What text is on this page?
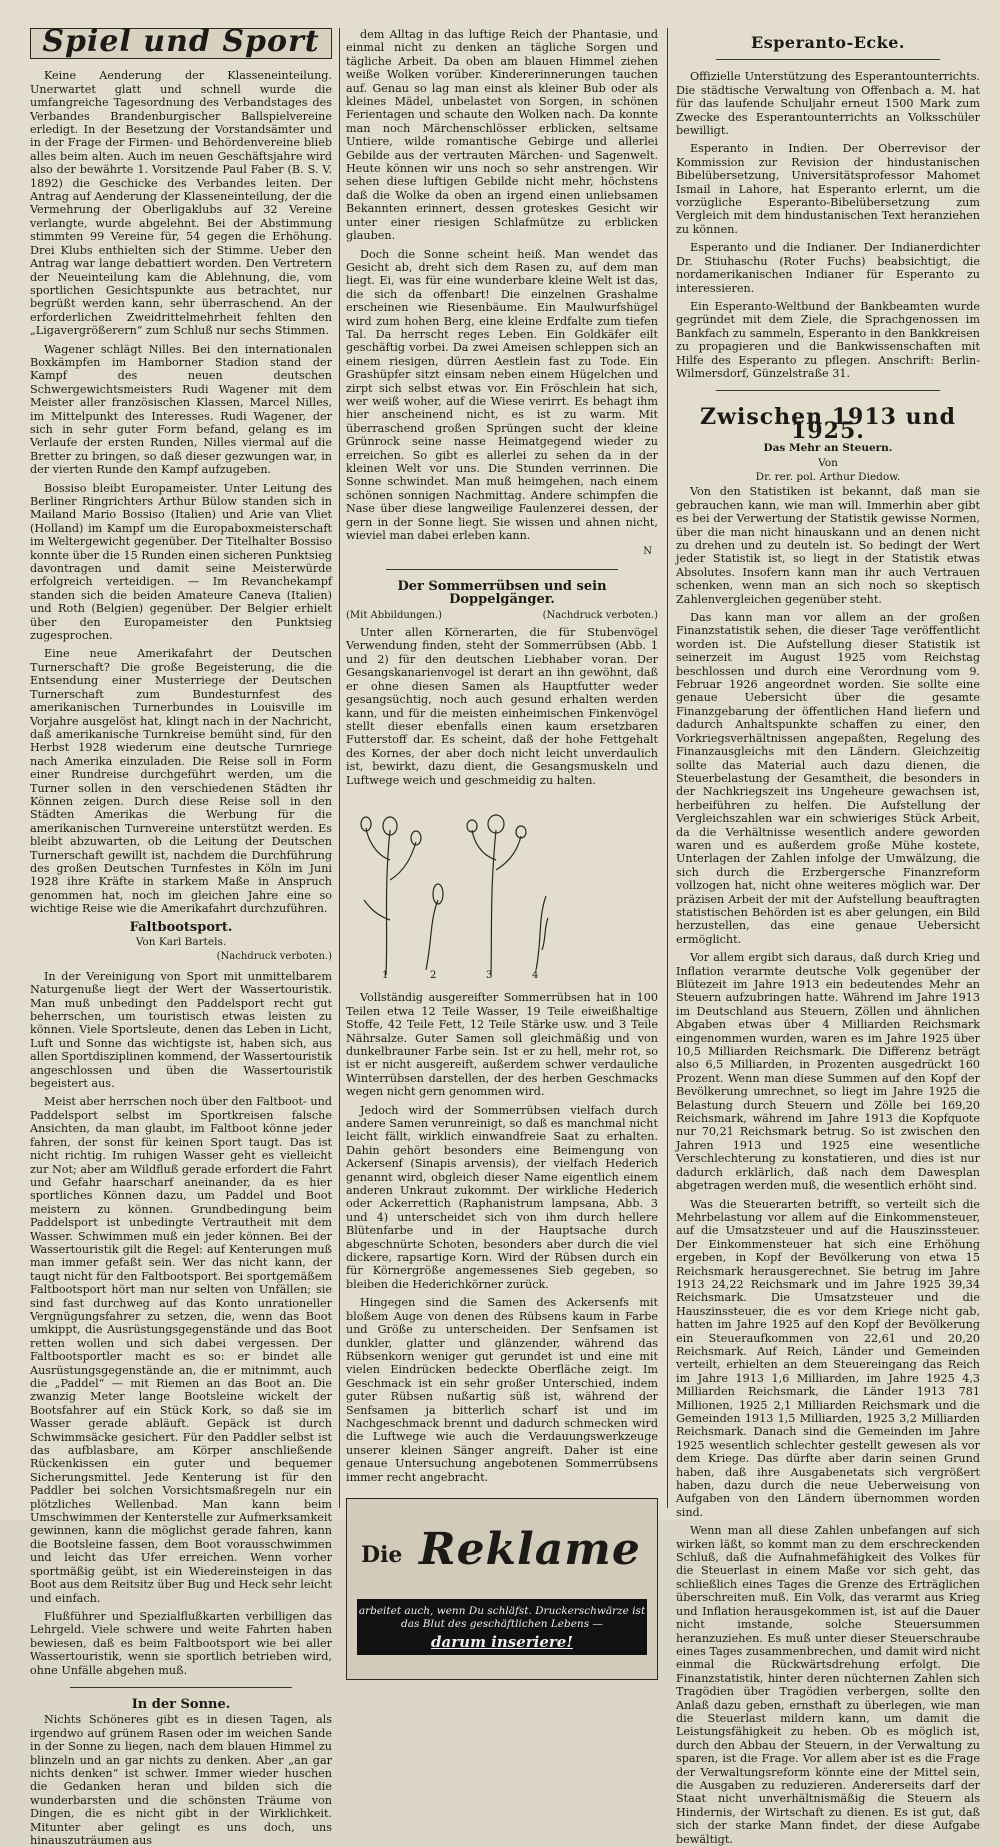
Spiel und Sport

Keine Aenderung der Klasseneinteilung. Unerwartet glatt und schnell wurde die umfangreiche Tagesordnung des Verbandstages des Verbandes Brandenburgischer Ballspielvereine erledigt. In der Besetzung der Vorstandsämter und in der Frage der Firmen- und Behördenvereine blieb alles beim alten. Auch im neuen Geschäftsjahre wird also der bewährte 1. Vorsitzende Paul Faber (B. S. V. 1892) die Geschicke des Verbandes leiten. Der Antrag auf Aenderung der Klasseneinteilung, der die Vermehrung der Oberligaklubs auf 32 Vereine verlangte, wurde abgelehnt. Bei der Abstimmung stimmten 99 Vereine für, 54 gegen die Erhöhung. Drei Klubs enthielten sich der Stimme. Ueber den Antrag war lange debattiert worden. Den Vertretern der Neueinteilung kam die Ablehnung, die, vom sportlichen Gesichtspunkte aus betrachtet, nur begrüßt werden kann, sehr überraschend. An der erforderlichen Zweidrittelmehrheit fehlten den „Ligavergrößerern“ zum Schluß nur sechs Stimmen.

Wagener schlägt Nilles. Bei den internationalen Boxkämpfen im Hamborner Stadion stand der Kampf des neuen deutschen Schwergewichtsmeisters Rudi Wagener mit dem Meister aller französischen Klassen, Marcel Nilles, im Mittelpunkt des Interesses. Rudi Wagener, der sich in sehr guter Form befand, gelang es im Verlaufe der ersten Runden, Nilles viermal auf die Bretter zu bringen, so daß dieser gezwungen war, in der vierten Runde den Kampf aufzugeben.

Bossiso bleibt Europameister. Unter Leitung des Berliner Ringrichters Arthur Bülow standen sich in Mailand Mario Bossiso (Italien) und Arie van Vliet (Holland) im Kampf um die Europaboxmeisterschaft im Weltergewicht gegenüber. Der Titelhalter Bossiso konnte über die 15 Runden einen sicheren Punktsieg davontragen und damit seine Meisterwürde erfolgreich verteidigen. — Im Revanchekampf standen sich die beiden Amateure Caneva (Italien) und Roth (Belgien) gegenüber. Der Belgier erhielt über den Europameister den Punktsieg zugesprochen.

Eine neue Amerikafahrt der Deutschen Turnerschaft? Die große Begeisterung, die die Entsendung einer Musterriege der Deutschen Turnerschaft zum Bundesturnfest des amerikanischen Turnerbundes in Louisville im Vorjahre ausgelöst hat, klingt nach in der Nachricht, daß amerikanische Turnkreise bemüht sind, für den Herbst 1928 wiederum eine deutsche Turnriege nach Amerika einzuladen. Die Reise soll in Form einer Rundreise durchgeführt werden, um die Turner sollen in den verschiedenen Städten ihr Können zeigen. Durch diese Reise soll in den Städten Amerikas die Werbung für die amerikanischen Turnvereine unterstützt werden. Es bleibt abzuwarten, ob die Leitung der Deutschen Turnerschaft gewillt ist, nachdem die Durchführung des großen Deutschen Turnfestes in Köln im Juni 1928 ihre Kräfte in starkem Maße in Anspruch genommen hat, noch im gleichen Jahre eine so wichtige Reise wie die Amerikafahrt durchzuführen.

Faltbootsport.
Von Karl Bartels.
(Nachdruck verboten.)

In der Vereinigung von Sport mit unmittelbarem Naturgenuße liegt der Wert der Wassertouristik. Man muß unbedingt den Paddelsport recht gut beherrschen, um touristisch etwas leisten zu können. Viele Sportsleute, denen das Leben in Licht, Luft und Sonne das wichtigste ist, haben sich, aus allen Sportdisziplinen kommend, der Wassertouristik angeschlossen und üben die Wassertouristik begeistert aus.

Meist aber herrschen noch über den Faltboot- und Paddelsport selbst im Sportkreisen falsche Ansichten, da man glaubt, im Faltboot könne jeder fahren, der sonst für keinen Sport taugt. Das ist nicht richtig. Im ruhigen Wasser geht es vielleicht zur Not; aber am Wildfluß gerade erfordert die Fahrt und Gefahr haarscharf aneinander, da es hier sportliches Können dazu, um Paddel und Boot meistern zu können. Grundbedingung beim Paddelsport ist unbedingte Vertrautheit mit dem Wasser. Schwimmen muß ein jeder können. Bei der Wassertouristik gilt die Regel: auf Kenterungen muß man immer gefaßt sein. Wer das nicht kann, der taugt nicht für den Faltbootsport. Bei sportgemäßem Faltbootsport hört man nur selten von Unfällen; sie sind fast durchweg auf das Konto unrationeller Vergnügungsfahrer zu setzen, die, wenn das Boot umkippt, die Ausrüstungsgegenstände und das Boot retten wollen und sich dabei vergessen. Der Faltbootsportler macht es so: er bindet alle Ausrüstungsgegenstände an, die er mitnimmt, auch die „Paddel“ — mit Riemen an das Boot an. Die zwanzig Meter lange Bootsleine wickelt der Bootsfahrer auf ein Stück Kork, so daß sie im Wasser gerade abläuft. Gepäck ist durch Schwimmsäcke gesichert. Für den Paddler selbst ist das aufblasbare, am Körper anschließende Rückenkissen ein guter und bequemer Sicherungsmittel. Jede Kenterung ist für den Paddler bei solchen Vorsichtsmaßregeln nur ein plötzliches Wellenbad. Man kann beim Umschwimmen der Kenterstelle zur Aufmerksamkeit gewinnen, kann die möglichst gerade fahren, kann die Bootsleine fassen, dem Boot vorausschwimmen und leicht das Ufer erreichen. Wenn vorher sportmäßig geübt, ist ein Wiedereinsteigen in das Boot aus dem Reitsitz über Bug und Heck sehr leicht und einfach.

Flußführer und Spezialflußkarten verbilligen das Lehrgeld. Viele schwere und weite Fahrten haben bewiesen, daß es beim Faltbootsport wie bei aller Wassertouristik, wenn sie sportlich betrieben wird, ohne Unfälle abgehen muß.

In der Sonne.

Nichts Schöneres gibt es in diesen Tagen, als irgendwo auf grünem Rasen oder im weichen Sande in der Sonne zu liegen, nach dem blauen Himmel zu blinzeln und an gar nichts zu denken. Aber „an gar nichts denken“ ist schwer. Immer wieder huschen die Gedanken heran und bilden sich die wunderbarsten und die schönsten Träume von Dingen, die es nicht gibt in der Wirklichkeit. Mitunter aber gelingt es uns doch, uns hinauszuträumen aus

dem Alltag in das luftige Reich der Phantasie, und einmal nicht zu denken an tägliche Sorgen und tägliche Arbeit. Da oben am blauen Himmel ziehen weiße Wolken vorüber. Kindererinnerungen tauchen auf. Genau so lag man einst als kleiner Bub oder als kleines Mädel, unbelastet von Sorgen, in schönen Ferientagen und schaute den Wolken nach. Da konnte man noch Märchenschlösser erblicken, seltsame Untiere, wilde romantische Gebirge und allerlei Gebilde aus der vertrauten Märchen- und Sagenwelt. Heute können wir uns noch so sehr anstrengen. Wir sehen diese luftigen Gebilde nicht mehr, höchstens daß die Wolke da oben an irgend einen unliebsamen Bekannten erinnert, dessen groteskes Gesicht wir unter einer riesigen Schlafmütze zu erblicken glauben.

Doch die Sonne scheint heiß. Man wendet das Gesicht ab, dreht sich dem Rasen zu, auf dem man liegt. Ei, was für eine wunderbare kleine Welt ist das, die sich da offenbart! Die einzelnen Grashalme erscheinen wie Riesenbäume. Ein Maulwurfshügel wird zum hohen Berg, eine kleine Erdfalte zum tiefen Tal. Da herrscht reges Leben. Ein Goldkäfer eilt geschäftig vorbei. Da zwei Ameisen schleppen sich an einem riesigen, dürren Aestlein fast zu Tode. Ein Grashüpfer sitzt einsam neben einem Hügelchen und zirpt sich selbst etwas vor. Ein Fröschlein hat sich, wer weiß woher, auf die Wiese verirrt. Es behagt ihm hier anscheinend nicht, es ist zu warm. Mit überraschend großen Sprüngen sucht der kleine Grünrock seine nasse Heimatgegend wieder zu erreichen. So gibt es allerlei zu sehen da in der kleinen Welt vor uns. Die Stunden verrinnen. Die Sonne schwindet. Man muß heimgehen, nach einem schönen sonnigen Nachmittag. Andere schimpfen die Nase über diese langweilige Faulenzerei dessen, der gern in der Sonne liegt. Sie wissen und ahnen nicht, wieviel man dabei erleben kann.

N
Der Sommerrübsen und sein Doppelgänger.
(Mit Abbildungen.)	(Nachdruck verboten.)

Unter allen Körnerarten, die für Stubenvögel Verwendung finden, steht der Sommerrübsen (Abb. 1 und 2) für den deutschen Liebhaber voran. Der Gesangskanarienvogel ist derart an ihn gewöhnt, daß er ohne diesen Samen als Hauptfutter weder gesangsüchtig, noch auch gesund erhalten werden kann, und für die meisten einheimischen Finkenvögel stellt dieser ebenfalls einen kaum ersetzbaren Futterstoff dar. Es scheint, daß der hohe Fettgehalt des Kornes, der aber doch nicht leicht unverdaulich ist, bewirkt, dazu dient, die Gesangsmuskeln und Luftwege weich und geschmeidig zu halten.

1	2	3	4

Vollständig ausgereifter Sommerrübsen hat in 100 Teilen etwa 12 Teile Wasser, 19 Teile eiweißhaltige Stoffe, 42 Teile Fett, 12 Teile Stärke usw. und 3 Teile Nährsalze. Guter Samen soll gleichmäßig und von dunkelbrauner Farbe sein. Ist er zu hell, mehr rot, so ist er nicht ausgereift, außerdem schwer verdauliche Winterrübsen darstellen, der des herben Geschmacks wegen nicht gern genommen wird.

Jedoch wird der Sommerrübsen vielfach durch andere Samen verunreinigt, so daß es manchmal nicht leicht fällt, wirklich einwandfreie Saat zu erhalten. Dahin gehört besonders eine Beimengung von Ackersenf (Sinapis arvensis), der vielfach Hederich genannt wird, obgleich dieser Name eigentlich einem anderen Unkraut zukommt. Der wirkliche Hederich oder Ackerrettich (Raphanistrum lampsana, Abb. 3 und 4) unterscheidet sich von ihm durch hellere Blütenfarbe und in der Hauptsache durch abgeschnürte Schoten, besonders aber durch die viel dickere, rapsartige Korn. Wird der Rübsen durch ein für Körnergröße angemessenes Sieb gegeben, so bleiben die Hederichkörner zurück.

Hingegen sind die Samen des Ackersenfs mit bloßem Auge von denen des Rübsens kaum in Farbe und Größe zu unterscheiden. Der Senfsamen ist dunkler, glatter und glänzender, während das Rübsenkorn weniger gut gerundet ist und eine mit vielen Eindrücken bedeckte Oberfläche zeigt. Im Geschmack ist ein sehr großer Unterschied, indem guter Rübsen nußartig süß ist, während der Senfsamen ja bitterlich scharf ist und im Nachgeschmack brennt und dadurch schmecken wird die Luftwege wie auch die Verdauungswerkzeuge unserer kleinen Sänger angreift. Daher ist eine genaue Untersuchung angebotenen Sommerrübsens immer recht angebracht.

Die Reklame
arbeitet auch, wenn Du schläfst. Druckerschwärze ist das Blut des geschäftlichen Lebens —
darum inseriere!
Esperanto-Ecke.

Offizielle Unterstützung des Esperantounterrichts. Die städtische Verwaltung von Offenbach a. M. hat für das laufende Schuljahr erneut 1500 Mark zum Zwecke des Esperantounterrichts an Volksschüler bewilligt.

Esperanto in Indien. Der Oberrevisor der Kommission zur Revision der hindustanischen Bibelübersetzung, Universitätsprofessor Mahomet Ismail in Lahore, hat Esperanto erlernt, um die vorzügliche Esperanto-Bibelübersetzung zum Vergleich mit dem hindustanischen Text heranziehen zu können.

Esperanto und die Indianer. Der Indianerdichter Dr. Stiuhaschu (Roter Fuchs) beabsichtigt, die nordamerikanischen Indianer für Esperanto zu interessieren.

Ein Esperanto-Weltbund der Bankbeamten wurde gegründet mit dem Ziele, die Sprachgenossen im Bankfach zu sammeln, Esperanto in den Bankkreisen zu propagieren und die Bankwissenschaften mit Hilfe des Esperanto zu pflegen. Anschrift: Berlin-Wilmersdorf, Günzelstraße 31.

Zwischen 1913 und 1925.
Das Mehr an Steuern.
Von
Dr. rer. pol. Arthur Diedow.

Von den Statistiken ist bekannt, daß man sie gebrauchen kann, wie man will. Immerhin aber gibt es bei der Verwertung der Statistik gewisse Normen, über die man nicht hinauskann und an denen nicht zu drehen und zu deuteln ist. So bedingt der Wert jeder Statistik ist, so liegt in der Statistik etwas Absolutes. Insofern kann man ihr auch Vertrauen schenken, wenn man an sich noch so skeptisch Zahlenvergleichen gegenüber steht.

Das kann man vor allem an der großen Finanzstatistik sehen, die dieser Tage veröffentlicht worden ist. Die Aufstellung dieser Statistik ist seinerzeit im August 1925 vom Reichstag beschlossen und durch eine Verordnung vom 9. Februar 1926 angeordnet worden. Sie sollte eine genaue Uebersicht über die gesamte Finanzgebarung der öffentlichen Hand liefern und dadurch Anhaltspunkte schaffen zu einer, den Vorkriegsverhältnissen angepaßten, Regelung des Finanzausgleichs mit den Ländern. Gleichzeitig sollte das Material auch dazu dienen, die Steuerbelastung der Gesamtheit, die besonders in der Nachkriegszeit ins Ungeheure gewachsen ist, herbeiführen zu helfen. Die Aufstellung der Vergleichszahlen war ein schwieriges Stück Arbeit, da die Verhältnisse wesentlich andere geworden waren und es außerdem große Mühe kostete, Unterlagen der Zahlen infolge der Umwälzung, die sich durch die Erzbergersche Finanzreform vollzogen hat, nicht ohne weiteres möglich war. Der präzisen Arbeit der mit der Aufstellung beauftragten statistischen Behörden ist es aber gelungen, ein Bild herzustellen, das eine genaue Uebersicht ermöglicht.

Vor allem ergibt sich daraus, daß durch Krieg und Inflation verarmte deutsche Volk gegenüber der Blütezeit im Jahre 1913 ein bedeutendes Mehr an Steuern aufzubringen hatte. Während im Jahre 1913 im Deutschland aus Steuern, Zöllen und ähnlichen Abgaben etwas über 4 Milliarden Reichsmark eingenommen wurden, waren es im Jahre 1925 über 10,5 Milliarden Reichsmark. Die Differenz beträgt also 6,5 Milliarden, in Prozenten ausgedrückt 160 Prozent. Wenn man diese Summen auf den Kopf der Bevölkerung umrechnet, so liegt im Jahre 1925 die Belastung durch Steuern und Zölle bei 169,20 Reichsmark, während im Jahre 1913 die Kopfquote nur 70,21 Reichsmark betrug. So ist zwischen den Jahren 1913 und 1925 eine wesentliche Verschlechterung zu konstatieren, und dies ist nur dadurch erklärlich, daß nach dem Dawesplan abgetragen werden muß, die wesentlich erhöht sind.

Was die Steuerarten betrifft, so verteilt sich die Mehrbelastung vor allem auf die Einkommensteuer, auf die Umsatzsteuer und auf die Hauszinssteuer. Der Einkommensteuer hat sich eine Erhöhung ergeben, in Kopf der Bevölkerung von etwa 15 Reichsmark herausgerechnet. Sie betrug im Jahre 1913 24,22 Reichsmark und im Jahre 1925 39,34 Reichsmark. Die Umsatzsteuer und die Hauszinssteuer, die es vor dem Kriege nicht gab, hatten im Jahre 1925 auf den Kopf der Bevölkerung ein Steueraufkommen von 22,61 und 20,20 Reichsmark. Auf Reich, Länder und Gemeinden verteilt, erhielten an dem Steuereingang das Reich im Jahre 1913 1,6 Milliarden, im Jahre 1925 4,3 Milliarden Reichsmark, die Länder 1913 781 Millionen, 1925 2,1 Milliarden Reichsmark und die Gemeinden 1913 1,5 Milliarden, 1925 3,2 Milliarden Reichsmark. Danach sind die Gemeinden im Jahre 1925 wesentlich schlechter gestellt gewesen als vor dem Kriege. Das dürfte aber darin seinen Grund haben, daß ihre Ausgabenetats sich vergrößert haben, dazu durch die neue Ueberweisung von Aufgaben von den Ländern übernommen worden sind.

Wenn man all diese Zahlen unbefangen auf sich wirken läßt, so kommt man zu dem erschreckenden Schluß, daß die Aufnahmefähigkeit des Volkes für die Steuerlast in einem Maße vor sich geht, das schließlich eines Tages die Grenze des Erträglichen überschreiten muß. Ein Volk, das verarmt aus Krieg und Inflation herausgekommen ist, ist auf die Dauer nicht imstande, solche Steuersummen heranzuziehen. Es muß unter dieser Steuerschraube eines Tages zusammenbrechen, und damit wird nicht einmal die Rückwärtsdrehung erfolgt. Die Finanzstatistik, hinter deren nüchternen Zahlen sich Tragödien über Tragödien verbergen, sollte den Anlaß dazu geben, ernsthaft zu überlegen, wie man die Steuerlast mildern kann, um damit die Leistungsfähigkeit zu heben. Ob es möglich ist, durch den Abbau der Steuern, in der Verwaltung zu sparen, ist die Frage. Vor allem aber ist es die Frage der Verwaltungsreform könnte eine der Mittel sein, die Ausgaben zu reduzieren. Andererseits darf der Staat nicht unverhältnismäßig die Steuern als Hindernis, der Wirtschaft zu dienen. Es ist gut, daß sich der starke Mann findet, der diese Aufgabe bewältigt.
